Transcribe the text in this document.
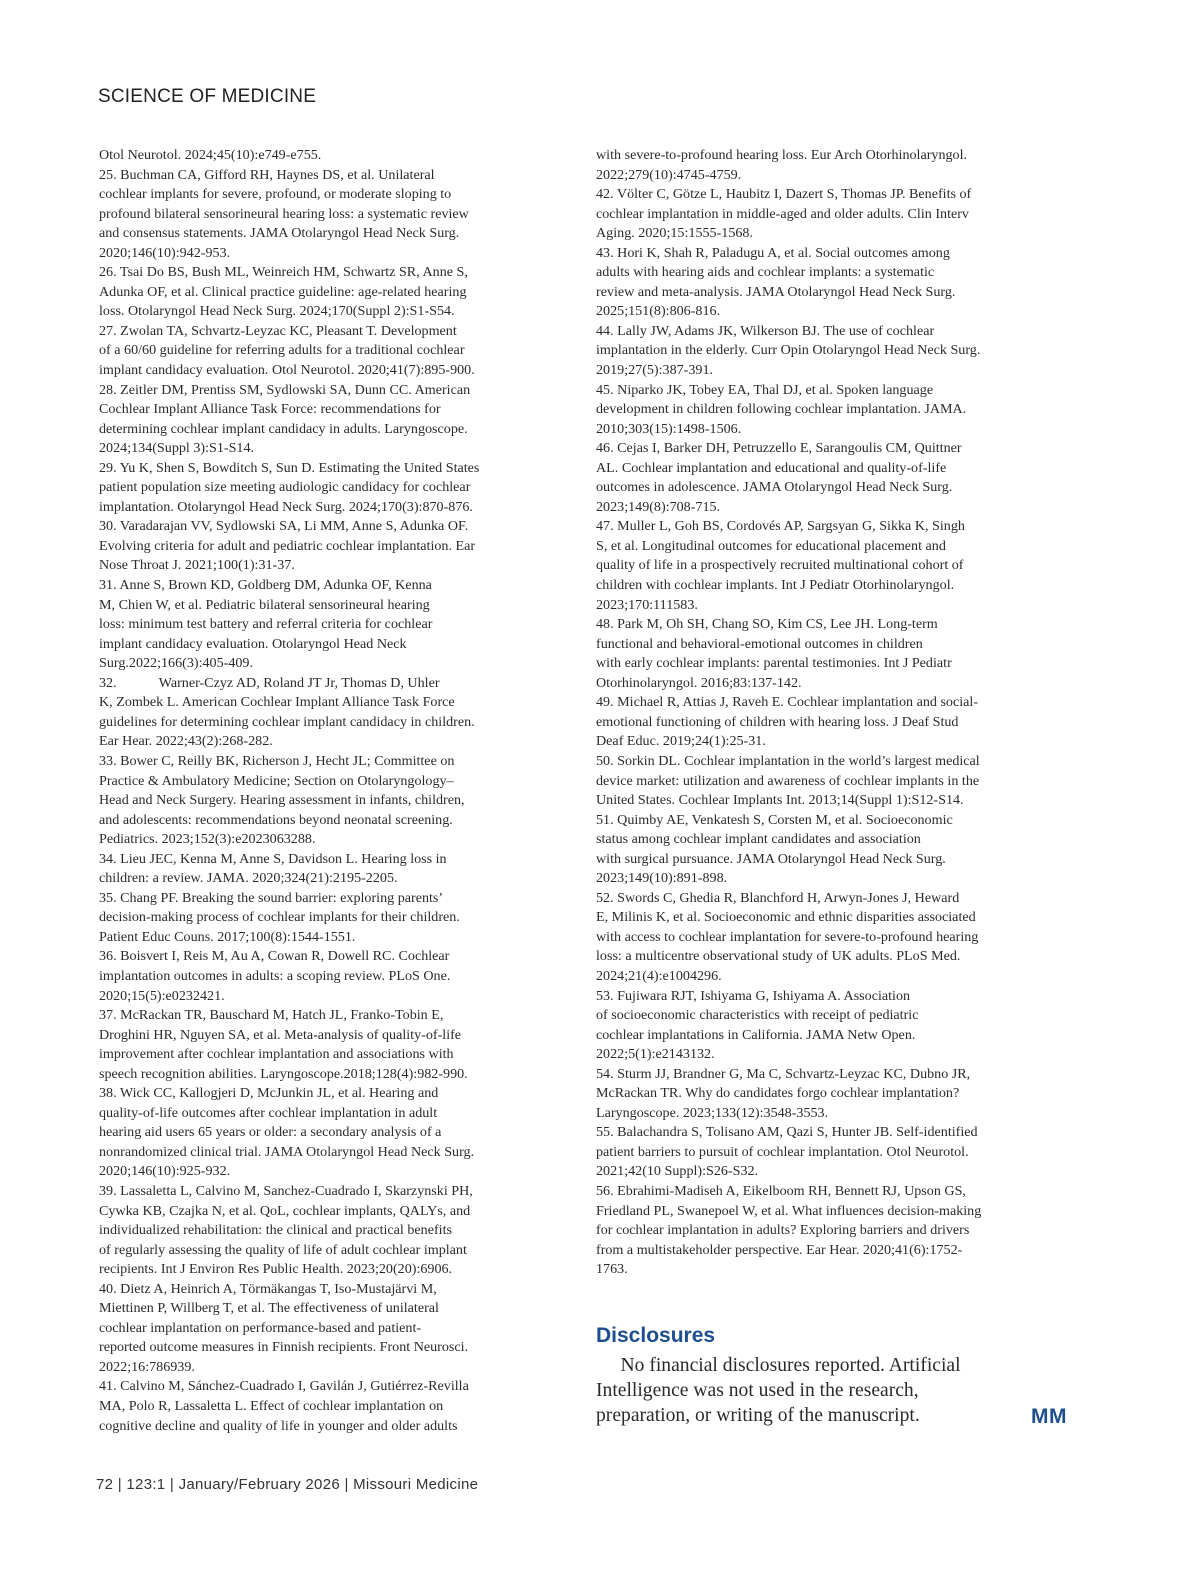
SCIENCE OF MEDICINE
Otol Neurotol. 2024;45(10):e749-e755.
25. Buchman CA, Gifford RH, Haynes DS, et al. Unilateral
cochlear implants for severe, profound, or moderate sloping to
profound bilateral sensorineural hearing loss: a systematic review
and consensus statements. JAMA Otolaryngol Head Neck Surg.
2020;146(10):942-953.
26. Tsai Do BS, Bush ML, Weinreich HM, Schwartz SR, Anne S,
Adunka OF, et al. Clinical practice guideline: age-related hearing
loss. Otolaryngol Head Neck Surg. 2024;170(Suppl 2):S1-S54.
27. Zwolan TA, Schvartz-Leyzac KC, Pleasant T. Development
of a 60/60 guideline for referring adults for a traditional cochlear
implant candidacy evaluation. Otol Neurotol. 2020;41(7):895-900.
28. Zeitler DM, Prentiss SM, Sydlowski SA, Dunn CC. American
Cochlear Implant Alliance Task Force: recommendations for
determining cochlear implant candidacy in adults. Laryngoscope.
2024;134(Suppl 3):S1-S14.
29. Yu K, Shen S, Bowditch S, Sun D. Estimating the United States
patient population size meeting audiologic candidacy for cochlear
implantation. Otolaryngol Head Neck Surg. 2024;170(3):870-876.
30. Varadarajan VV, Sydlowski SA, Li MM, Anne S, Adunka OF.
Evolving criteria for adult and pediatric cochlear implantation. Ear
Nose Throat J. 2021;100(1):31-37.
31. Anne S, Brown KD, Goldberg DM, Adunka OF, Kenna
M, Chien W, et al. Pediatric bilateral sensorineural hearing
loss: minimum test battery and referral criteria for cochlear
implant candidacy evaluation. Otolaryngol Head Neck
Surg.2022;166(3):405-409.
32.            Warner-Czyz AD, Roland JT Jr, Thomas D, Uhler
K, Zombek L. American Cochlear Implant Alliance Task Force
guidelines for determining cochlear implant candidacy in children.
Ear Hear. 2022;43(2):268-282.
33. Bower C, Reilly BK, Richerson J, Hecht JL; Committee on
Practice & Ambulatory Medicine; Section on Otolaryngology–
Head and Neck Surgery. Hearing assessment in infants, children,
and adolescents: recommendations beyond neonatal screening.
Pediatrics. 2023;152(3):e2023063288.
34. Lieu JEC, Kenna M, Anne S, Davidson L. Hearing loss in
children: a review. JAMA. 2020;324(21):2195-2205.
35. Chang PF. Breaking the sound barrier: exploring parents’
decision-making process of cochlear implants for their children.
Patient Educ Couns. 2017;100(8):1544-1551.
36. Boisvert I, Reis M, Au A, Cowan R, Dowell RC. Cochlear
implantation outcomes in adults: a scoping review. PLoS One.
2020;15(5):e0232421.
37. McRackan TR, Bauschard M, Hatch JL, Franko-Tobin E,
Droghini HR, Nguyen SA, et al. Meta-analysis of quality-of-life
improvement after cochlear implantation and associations with
speech recognition abilities. Laryngoscope.2018;128(4):982-990.
38. Wick CC, Kallogjeri D, McJunkin JL, et al. Hearing and
quality-of-life outcomes after cochlear implantation in adult
hearing aid users 65 years or older: a secondary analysis of a
nonrandomized clinical trial. JAMA Otolaryngol Head Neck Surg.
2020;146(10):925-932.
39. Lassaletta L, Calvino M, Sanchez-Cuadrado I, Skarzynski PH,
Cywka KB, Czajka N, et al. QoL, cochlear implants, QALYs, and
individualized rehabilitation: the clinical and practical benefits
of regularly assessing the quality of life of adult cochlear implant
recipients. Int J Environ Res Public Health. 2023;20(20):6906.
40. Dietz A, Heinrich A, Törmäkangas T, Iso-Mustajärvi M,
Miettinen P, Willberg T, et al. The effectiveness of unilateral
cochlear implantation on performance-based and patient-
reported outcome measures in Finnish recipients. Front Neurosci.
2022;16:786939.
41. Calvino M, Sánchez-Cuadrado I, Gavilán J, Gutiérrez-Revilla
MA, Polo R, Lassaletta L. Effect of cochlear implantation on
cognitive decline and quality of life in younger and older adults
with severe-to-profound hearing loss. Eur Arch Otorhinolaryngol.
2022;279(10):4745-4759.
42. Völter C, Götze L, Haubitz I, Dazert S, Thomas JP. Benefits of
cochlear implantation in middle-aged and older adults. Clin Interv
Aging. 2020;15:1555-1568.
43. Hori K, Shah R, Paladugu A, et al. Social outcomes among
adults with hearing aids and cochlear implants: a systematic
review and meta-analysis. JAMA Otolaryngol Head Neck Surg.
2025;151(8):806-816.
44. Lally JW, Adams JK, Wilkerson BJ. The use of cochlear
implantation in the elderly. Curr Opin Otolaryngol Head Neck Surg.
2019;27(5):387-391.
45. Niparko JK, Tobey EA, Thal DJ, et al. Spoken language
development in children following cochlear implantation. JAMA.
2010;303(15):1498-1506.
46. Cejas I, Barker DH, Petruzzello E, Sarangoulis CM, Quittner
AL. Cochlear implantation and educational and quality-of-life
outcomes in adolescence. JAMA Otolaryngol Head Neck Surg.
2023;149(8):708-715.
47. Muller L, Goh BS, Cordovés AP, Sargsyan G, Sikka K, Singh
S, et al. Longitudinal outcomes for educational placement and
quality of life in a prospectively recruited multinational cohort of
children with cochlear implants. Int J Pediatr Otorhinolaryngol.
2023;170:111583.
48. Park M, Oh SH, Chang SO, Kim CS, Lee JH. Long-term
functional and behavioral-emotional outcomes in children
with early cochlear implants: parental testimonies. Int J Pediatr
Otorhinolaryngol. 2016;83:137-142.
49. Michael R, Attias J, Raveh E. Cochlear implantation and social-
emotional functioning of children with hearing loss. J Deaf Stud
Deaf Educ. 2019;24(1):25-31.
50. Sorkin DL. Cochlear implantation in the world’s largest medical
device market: utilization and awareness of cochlear implants in the
United States. Cochlear Implants Int. 2013;14(Suppl 1):S12-S14.
51. Quimby AE, Venkatesh S, Corsten M, et al. Socioeconomic
status among cochlear implant candidates and association
with surgical pursuance. JAMA Otolaryngol Head Neck Surg.
2023;149(10):891-898.
52. Swords C, Ghedia R, Blanchford H, Arwyn-Jones J, Heward
E, Milinis K, et al. Socioeconomic and ethnic disparities associated
with access to cochlear implantation for severe-to-profound hearing
loss: a multicentre observational study of UK adults. PLoS Med.
2024;21(4):e1004296.
53. Fujiwara RJT, Ishiyama G, Ishiyama A. Association
of socioeconomic characteristics with receipt of pediatric
cochlear implantations in California. JAMA Netw Open.
2022;5(1):e2143132.
54. Sturm JJ, Brandner G, Ma C, Schvartz-Leyzac KC, Dubno JR,
McRackan TR. Why do candidates forgo cochlear implantation?
Laryngoscope. 2023;133(12):3548-3553.
55. Balachandra S, Tolisano AM, Qazi S, Hunter JB. Self-identified
patient barriers to pursuit of cochlear implantation. Otol Neurotol.
2021;42(10 Suppl):S26-S32.
56. Ebrahimi-Madiseh A, Eikelboom RH, Bennett RJ, Upson GS,
Friedland PL, Swanepoel W, et al. What influences decision-making
for cochlear implantation in adults? Exploring barriers and drivers
from a multistakeholder perspective. Ear Hear. 2020;41(6):1752-
1763.
Disclosures
No financial disclosures reported. Artificial
Intelligence was not used in the research,
preparation, or writing of the manuscript.	MM
72 | 123:1 | January/February 2026 | Missouri Medicine
